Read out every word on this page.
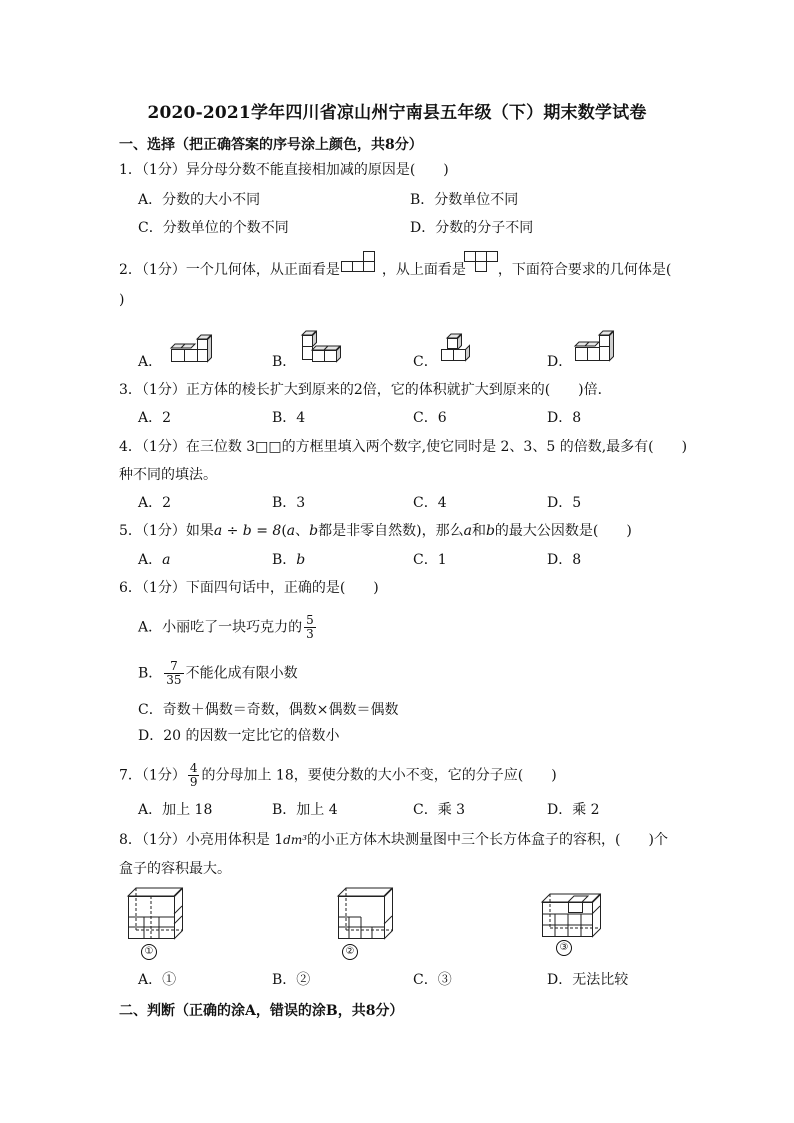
2020-2021学年四川省凉山州宁南县五年级（下）期末数学试卷
一、选择（把正确答案的序号涂上颜色，共8分）
1．（1分）异分母分数不能直接相加减的原因是(　　)
A．分数的大小不同	B．分数单位不同
C．分数单位的个数不同	D．分数的分子不同
2．（1分）一个几何体，从正面看是	，从上面看是 ，下面符合要求的几何体是(
)
A．	B．	C．	D．
3．（1分）正方体的棱长扩大到原来的2倍，它的体积就扩大到原来的(　　)倍．
A．2	B．4	C．6	D．8
4．（1分）在三位数 3□□的方框里填入两个数字,使它同时是 2、3、5 的倍数,最多有(　　)
种不同的填法。
A．2	B．3	C．4	D．5
5．（1分）如果a ÷ b = 8(a、b都是非零自然数)，那么a和b的最大公因数是(　　)
A．a	B．b	C．1	D．8
6．（1分）下面四句话中，正确的是(　　)
A．小丽吃了一块巧克力的 $\frac{5}{3}$
B． $\frac{7}{35}$ 不能化成有限小数
C．奇数＋偶数＝奇数，偶数×偶数＝偶数
D．20 的因数一定比它的倍数小
7．（1分） $\frac{4}{9}$ 的分母加上 18，要使分数的大小不变，它的分子应(　　)
A．加上 18	B．加上 4	C．乘 3	D．乘 2
8．（1分）小亮用体积是 1dm³的小正方体木块测量图中三个长方体盒子的容积，(　　)个
盒子的容积最大。
①	②	③
A．①	B．②	C．③	D．无法比较
二、判断（正确的涂A，错误的涂B，共8分）
